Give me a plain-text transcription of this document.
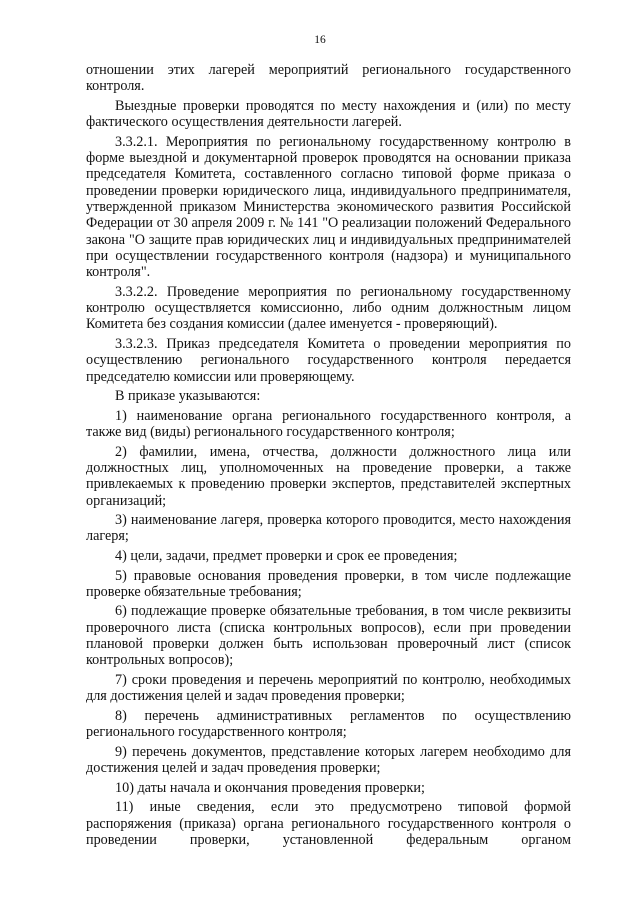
16

отношении этих лагерей мероприятий регионального государственного контроля.

Выездные проверки проводятся по месту нахождения и (или) по месту фактического осуществления деятельности лагерей.

3.3.2.1. Мероприятия по региональному государственному контролю в форме выездной и документарной проверок проводятся на основании приказа председателя Комитета, составленного согласно типовой форме приказа о проведении проверки юридического лица, индивидуального предпринимателя, утвержденной приказом Министерства экономического развития Российской Федерации от 30 апреля 2009 г. № 141 "О реализации положений Федерального закона "О защите прав юридических лиц и индивидуальных предпринимателей при осуществлении государственного контроля (надзора) и муниципального контроля".

3.3.2.2. Проведение мероприятия по региональному государственному контролю осуществляется комиссионно, либо одним должностным лицом Комитета без создания комиссии (далее именуется - проверяющий).

3.3.2.3. Приказ председателя Комитета о проведении мероприятия по осуществлению регионального государственного контроля передается председателю комиссии или проверяющему.

В приказе указываются:

1) наименование органа регионального государственного контроля, а также вид (виды) регионального государственного контроля;

2) фамилии, имена, отчества, должности должностного лица или должностных лиц, уполномоченных на проведение проверки, а также привлекаемых к проведению проверки экспертов, представителей экспертных организаций;

3) наименование лагеря, проверка которого проводится, место нахождения лагеря;

4) цели, задачи, предмет проверки и срок ее проведения;

5) правовые основания проведения проверки, в том числе подлежащие проверке обязательные требования;

6) подлежащие проверке обязательные требования, в том числе реквизиты проверочного листа (списка контрольных вопросов), если при проведении плановой проверки должен быть использован проверочный лист (список контрольных вопросов);

7) сроки проведения и перечень мероприятий по контролю, необходимых для достижения целей и задач проведения проверки;

8) перечень административных регламентов по осуществлению регионального государственного контроля;

9) перечень документов, представление которых лагерем необходимо для достижения целей и задач проведения проверки;

10) даты начала и окончания проведения проверки;

11) иные сведения, если это предусмотрено типовой формой распоряжения (приказа) органа регионального государственного контроля о проведении проверки, установленной федеральным органом
